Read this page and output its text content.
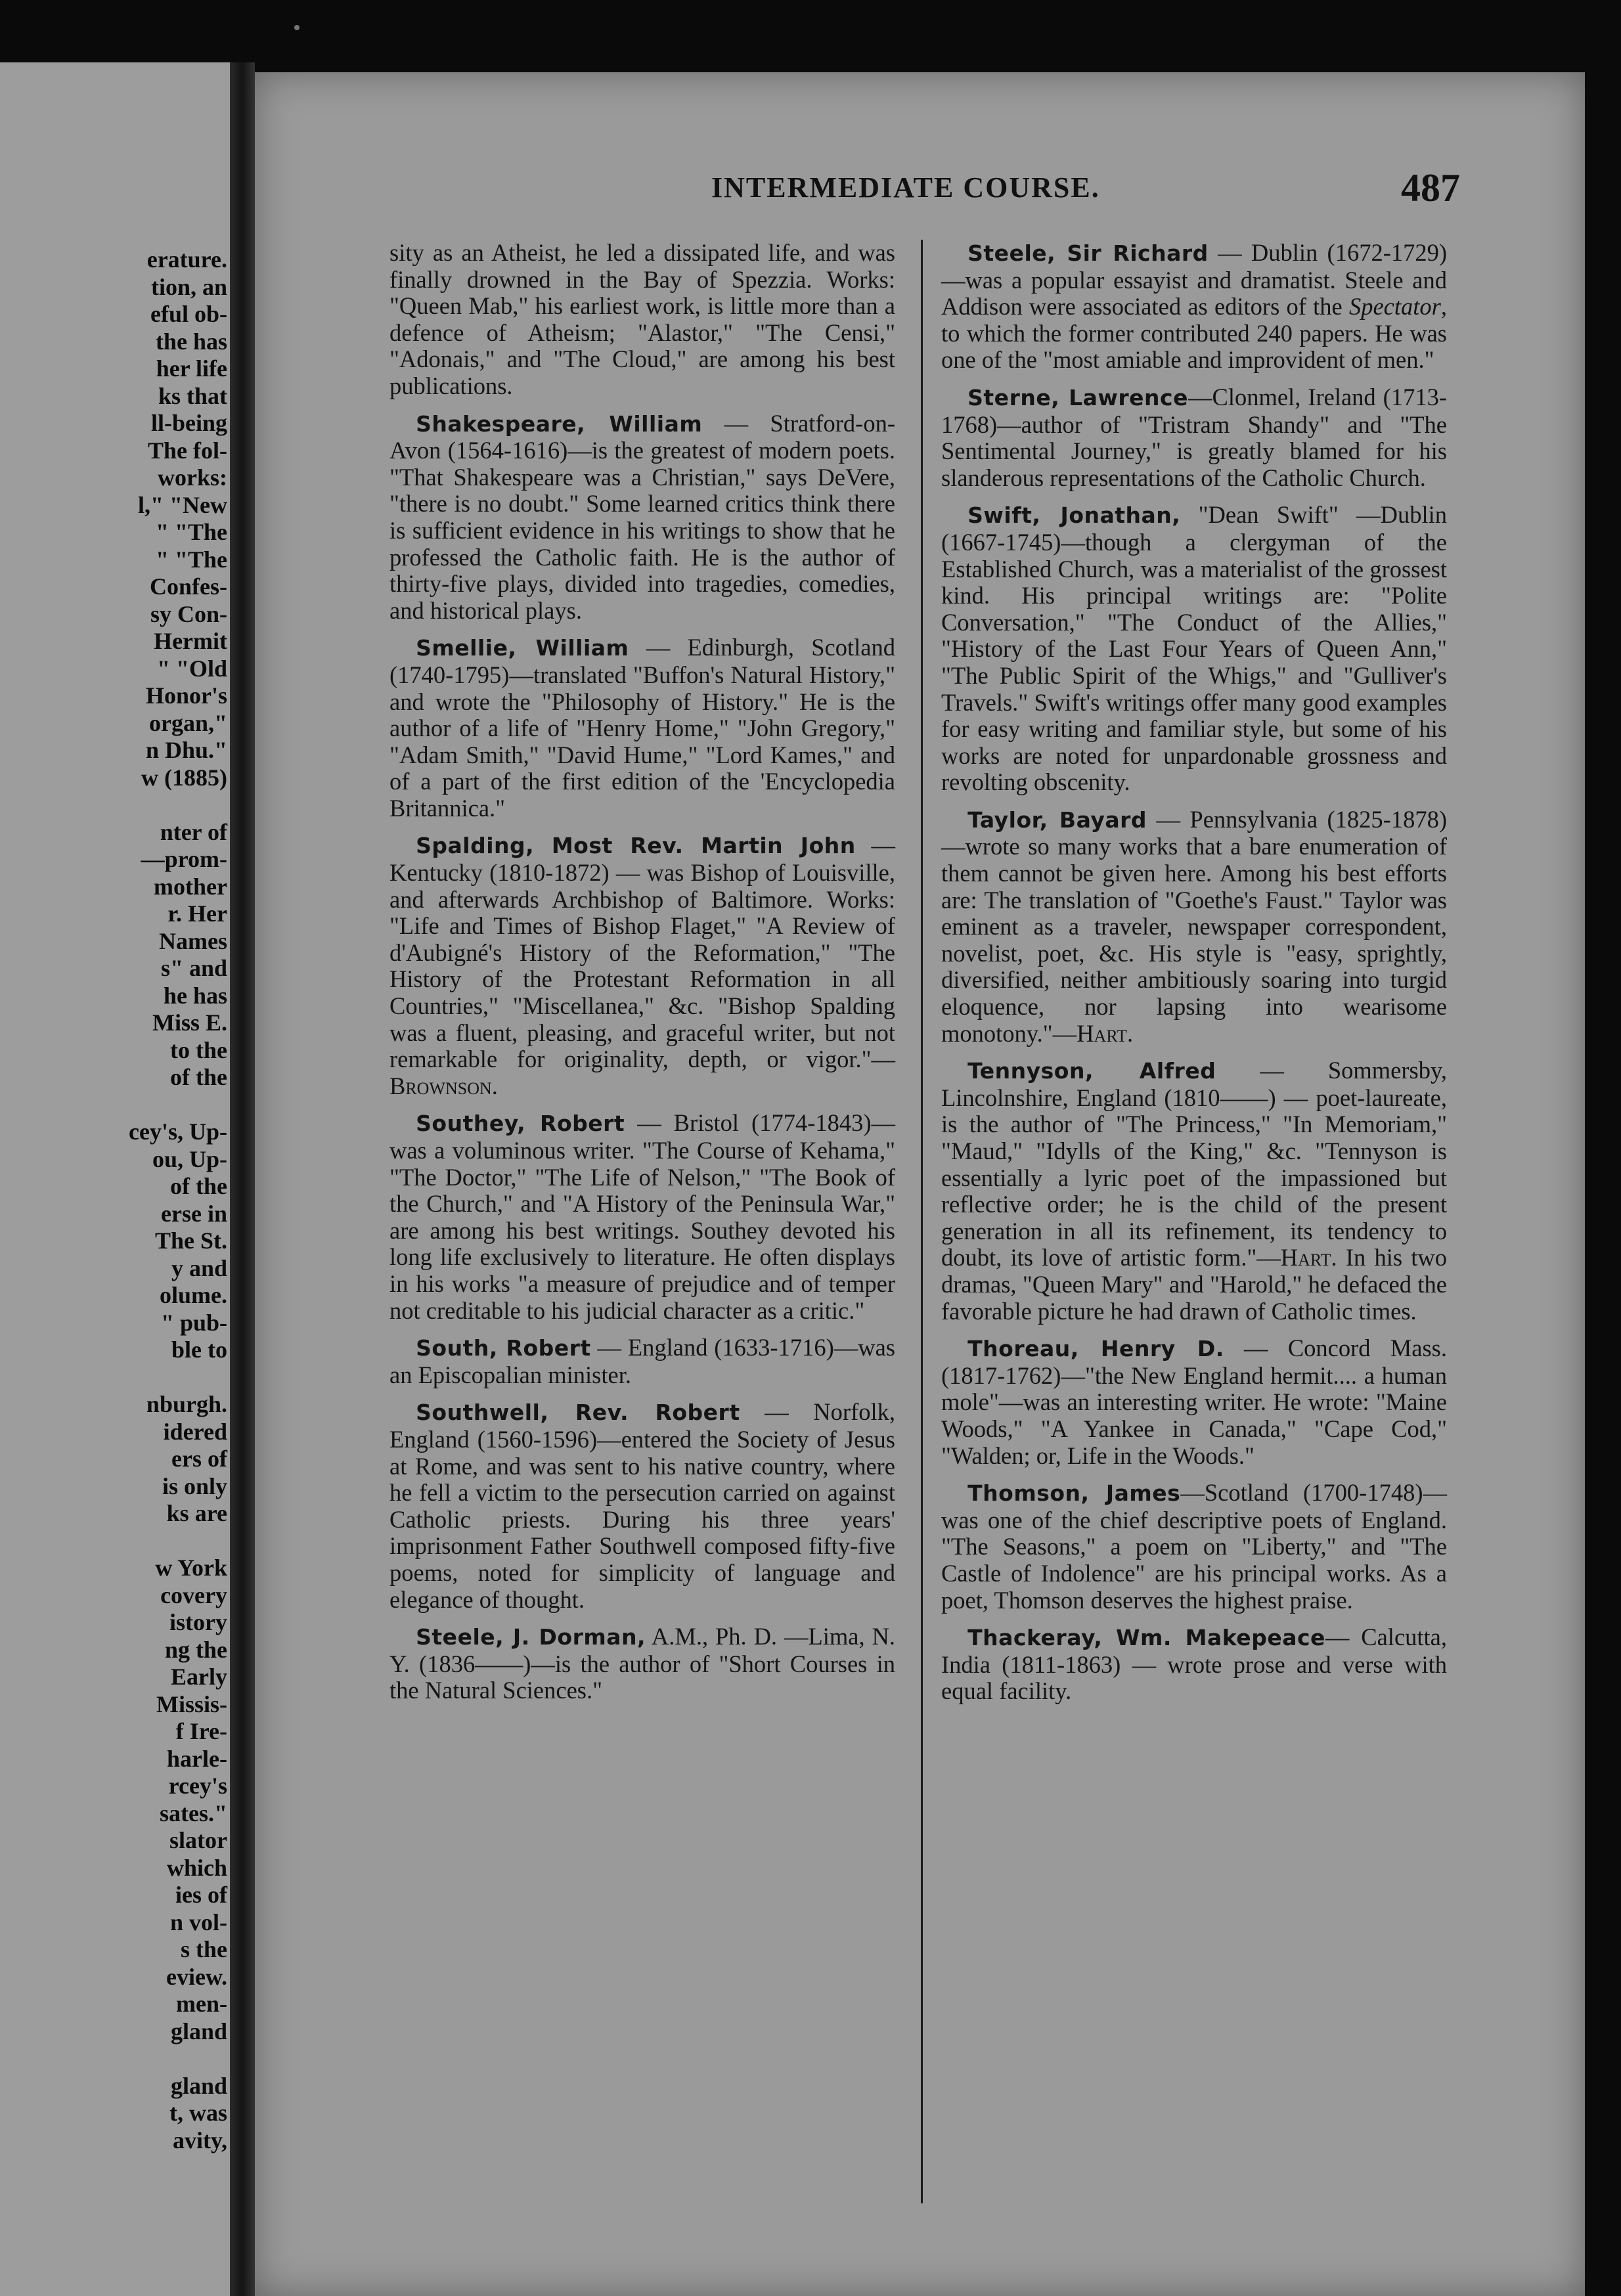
erature.
tion, an
eful ob-
the has
her life
ks that
ll-being
The fol-
works:
l," "New
" "The
" "The
Confes-
sy Con-
Hermit
" "Old
Honor's
organ,"
n Dhu."
w (1885)
nter of
—prom-
mother
r. Her
Names
s" and
he has
Miss E.
to the
of the
cey's, Up-
ou, Up-
of the
erse in
The St.
y and
olume.
" pub-
ble to
nburgh.
idered
ers of
is only
ks are
w York
covery
istory
ng the
Early
Missis-
f Ire-
harle-
rcey's
sates."
slator
which
ies of
n vol-
s the
eview.
men-
gland
gland
t, was
avity,
INTERMEDIATE COURSE.	487

sity as an Atheist, he led a dissipated life, and was finally drowned in the Bay of Spezzia. Works: "Queen Mab," his earliest work, is little more than a defence of Atheism; "Alastor," "The Censi," "Adonais," and "The Cloud," are among his best publications.

Shakespeare, William — Stratford-on-Avon (1564-1616)—is the greatest of modern poets. "That Shakespeare was a Christian," says DeVere, "there is no doubt." Some learned critics think there is sufficient evidence in his writings to show that he professed the Catholic faith. He is the author of thirty-five plays, divided into tragedies, comedies, and historical plays.

Smellie, William — Edinburgh, Scotland (1740-1795)—translated "Buffon's Natural History," and wrote the "Philosophy of History." He is the author of a life of "Henry Home," "John Gregory," "Adam Smith," "David Hume," "Lord Kames," and of a part of the first edition of the 'Encyclopedia Britannica."

Spalding, Most Rev. Martin John — Kentucky (1810-1872) — was Bishop of Louisville, and afterwards Archbishop of Baltimore. Works: "Life and Times of Bishop Flaget," "A Review of d'Aubigné's History of the Reformation," "The History of the Protestant Reformation in all Countries," "Miscellanea," &c. "Bishop Spalding was a fluent, pleasing, and graceful writer, but not remarkable for originality, depth, or vigor."—Brownson.

Southey, Robert — Bristol (1774-1843)—was a voluminous writer. "The Course of Kehama," "The Doctor," "The Life of Nelson," "The Book of the Church," and "A History of the Peninsula War," are among his best writings. Southey devoted his long life exclusively to literature. He often displays in his works "a measure of prejudice and of temper not creditable to his judicial character as a critic."

South, Robert — England (1633-1716)—was an Episcopalian minister.

Southwell, Rev. Robert — Norfolk, England (1560-1596)—entered the Society of Jesus at Rome, and was sent to his native country, where he fell a victim to the persecution carried on against Catholic priests. During his three years' imprisonment Father Southwell composed fifty-five poems, noted for simplicity of language and elegance of thought.

Steele, J. Dorman, A.M., Ph. D. —Lima, N. Y. (1836——)—is the author of "Short Courses in the Natural Sciences."

Steele, Sir Richard — Dublin (1672-1729)—was a popular essayist and dramatist. Steele and Addison were associated as editors of the Spectator, to which the former contributed 240 papers. He was one of the "most amiable and improvident of men."

Sterne, Lawrence—Clonmel, Ireland (1713-1768)—author of "Tristram Shandy" and "The Sentimental Journey," is greatly blamed for his slanderous representations of the Catholic Church.

Swift, Jonathan, "Dean Swift" —Dublin (1667-1745)—though a clergyman of the Established Church, was a materialist of the grossest kind. His principal writings are: "Polite Conversation," "The Conduct of the Allies," "History of the Last Four Years of Queen Ann," "The Public Spirit of the Whigs," and "Gulliver's Travels." Swift's writings offer many good examples for easy writing and familiar style, but some of his works are noted for unpardonable grossness and revolting obscenity.

Taylor, Bayard — Pennsylvania (1825-1878)—wrote so many works that a bare enumeration of them cannot be given here. Among his best efforts are: The translation of "Goethe's Faust." Taylor was eminent as a traveler, newspaper correspondent, novelist, poet, &c. His style is "easy, sprightly, diversified, neither ambitiously soaring into turgid eloquence, nor lapsing into wearisome monotony."—Hart.

Tennyson, Alfred — Sommersby, Lincolnshire, England (1810——) — poet-laureate, is the author of "The Princess," "In Memoriam," "Maud," "Idylls of the King," &c. "Tennyson is essentially a lyric poet of the impassioned but reflective order; he is the child of the present generation in all its refinement, its tendency to doubt, its love of artistic form."—Hart. In his two dramas, "Queen Mary" and "Harold," he defaced the favorable picture he had drawn of Catholic times.

Thoreau, Henry D. — Concord Mass. (1817-1762)—"the New England hermit.... a human mole"—was an interesting writer. He wrote: "Maine Woods," "A Yankee in Canada," "Cape Cod," "Walden; or, Life in the Woods."

Thomson, James—Scotland (1700-1748)—was one of the chief descriptive poets of England. "The Seasons," a poem on "Liberty," and "The Castle of Indolence" are his principal works. As a poet, Thomson deserves the highest praise.

Thackeray, Wm. Makepeace— Calcutta, India (1811-1863) — wrote prose and verse with equal facility.
